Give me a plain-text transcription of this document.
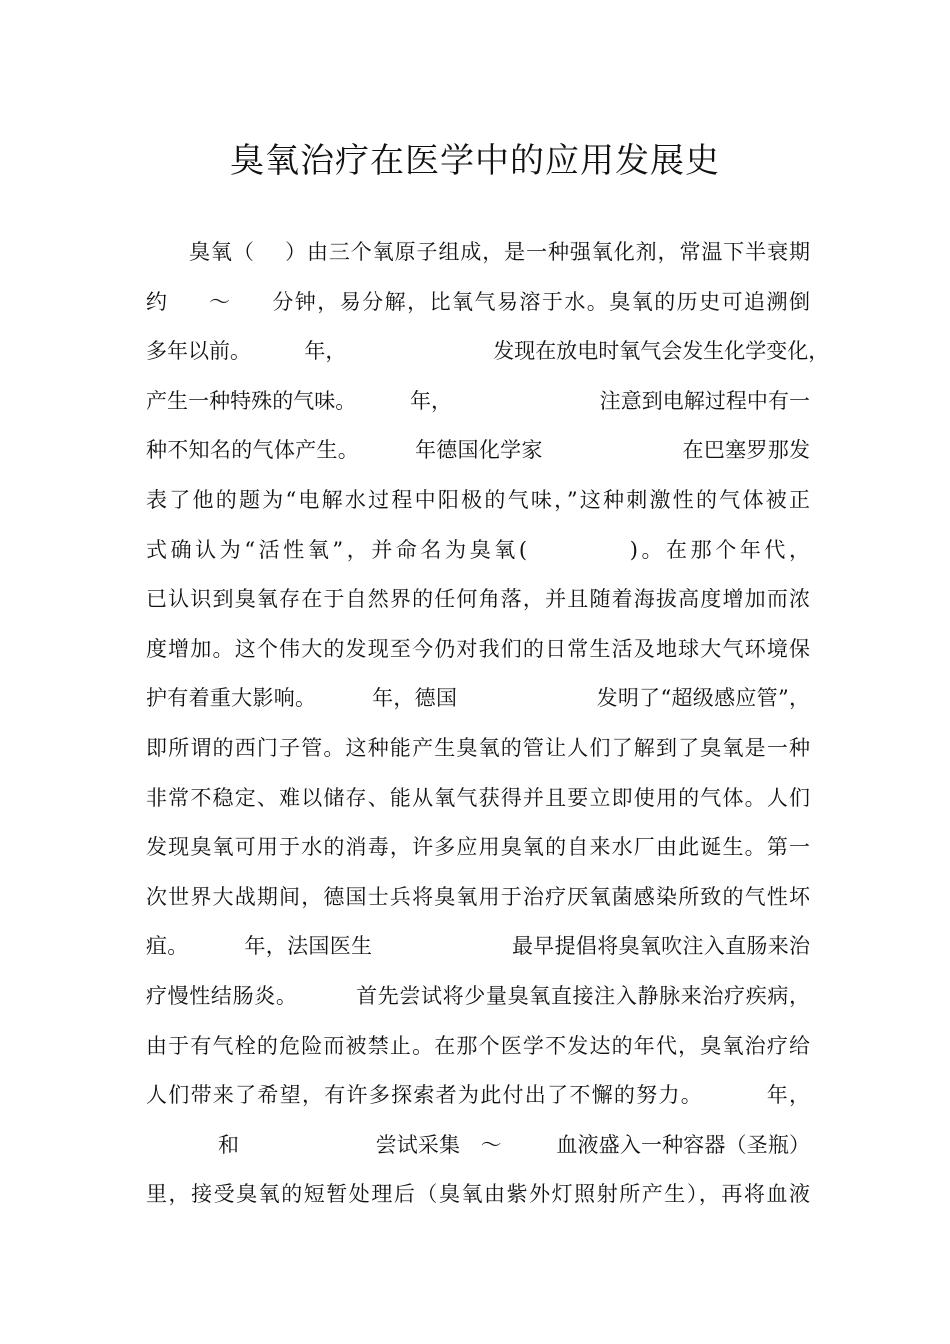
臭氧治疗在医学中的应用发展史
臭氧（    ）由三个氧原子组成，是一种强氧化剂，常温下半衰期
约     ～     分钟，易分解，比氧气易溶于水。臭氧的历史可追溯倒
多年以前。        年，                      发现在放电时氧气会发生化学变化，
产生一种特殊的气味。        年，                      注意到电解过程中有一
种不知名的气体产生。        年德国化学家                    在巴塞罗那发
表了他的题为“电解水过程中阳极的气味，”这种刺激性的气体被正
式确认为“活性氧”，并命名为臭氧(          )。在那个年代，
已认识到臭氧存在于自然界的任何角落，并且随着海拔高度增加而浓
度增加。这个伟大的发现至今仍对我们的日常生活及地球大气环境保
护有着重大影响。        年，德国                    发明了“超级感应管”，
即所谓的西门子管。这种能产生臭氧的管让人们了解到了臭氧是一种
非常不稳定、难以储存、能从氧气获得并且要立即使用的气体。人们
发现臭氧可用于水的消毒，许多应用臭氧的自来水厂由此诞生。第一
次世界大战期间，德国士兵将臭氧用于治疗厌氧菌感染所致的气性坏
疽。        年，法国医生                    最早提倡将臭氧吹注入直肠来治
疗慢性结肠炎。        首先尝试将少量臭氧直接注入静脉来治疗疾病，
由于有气栓的危险而被禁止。在那个医学不发达的年代，臭氧治疗给
人们带来了希望，有许多探索者为此付出了不懈的努力。        年，
和                    尝试采集   ～        血液盛入一种容器（圣瓶）
里，接受臭氧的短暂处理后（臭氧由紫外灯照射所产生），再将血液
